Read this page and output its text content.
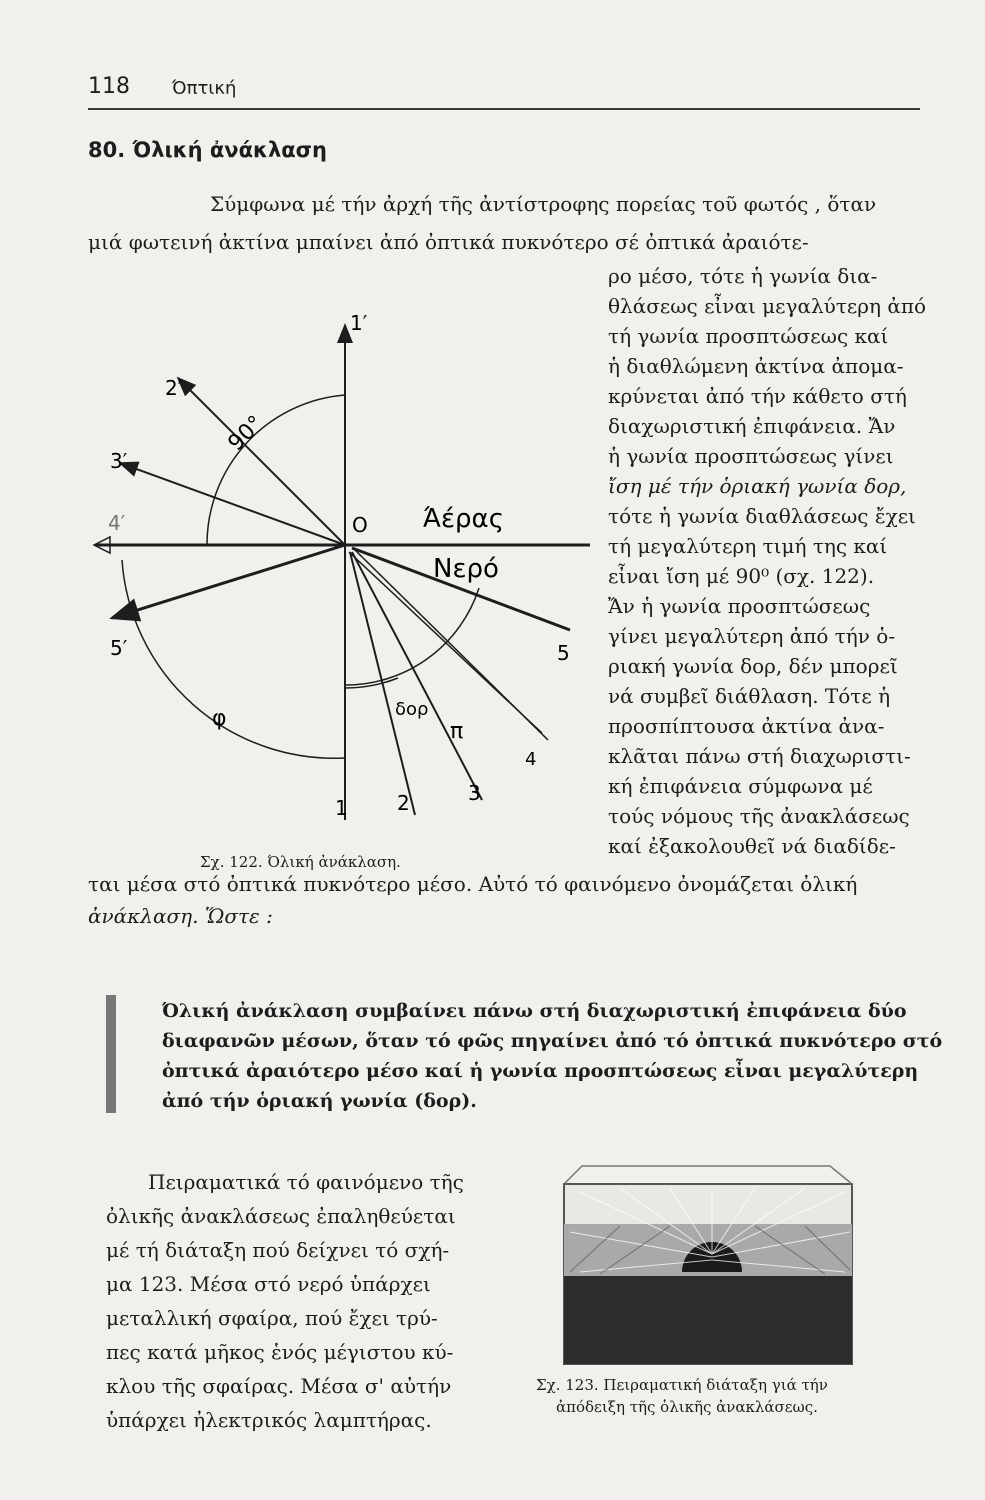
118 Όπτική
80. Όλική ἀνάκλαση
Σύμφωνα μέ τήν ἀρχή τῆς ἀντίστροφης πορείας τοῦ φωτός , ὅταν
μιά φωτεινή ἀκτίνα μπαίνει ἀπό ὀπτικά πυκνότερο σέ ὀπτικά ἀραιότε-
ρο μέσο, τότε ἡ γωνία δια-
θλάσεως εἶναι μεγαλύτερη ἀπό
τή γωνία προσπτώσεως καί
ἡ διαθλώμενη ἀκτίνα ἀπομα-
κρύνεται ἀπό τήν κάθετο στή
διαχωριστική ἐπιφάνεια. Ἄν
ἡ γωνία προσπτώσεως γίνει
ἴση μέ τήν ὁριακή γωνία δορ,
τότε ἡ γωνία διαθλάσεως ἔχει
τή μεγαλύτερη τιμή της καί
εἶναι ἴση μέ 90⁰ (σχ. 122).
Ἄν ἡ γωνία προσπτώσεως
γίνει μεγαλύτερη ἀπό τήν ὁ-
ριακή γωνία δορ, δέν μπορεῖ
νά συμβεῖ διάθλαση. Τότε ἡ
προσπίπτουσα ἀκτίνα ἀνα-
κλᾶται πάνω στή διαχωριστι-
κή ἐπιφάνεια σύμφωνα μέ
τούς νόμους τῆς ἀνακλάσεως
καί ἐξακολουθεῖ νά διαδίδε-
ται μέσα στό ὀπτικά πυκνότερο μέσο. Αὐτό τό φαινόμενο ὀνομάζεται ὀλική
ἀνάκλαση. Ὥστε :
1′
2′
3′
4′
5′
90°
O Άέρας
Νερό
5
δορ
φ
π
4
1 2	3
Σχ. 122. Όλική ἀνάκλαση.
Όλική ἀνάκλαση συμβαίνει πάνω στή διαχωριστική ἐπιφάνεια δύο
διαφανῶν μέσων, ὅταν τό φῶς πηγαίνει ἀπό τό ὀπτικά πυκνότερο στό
ὀπτικά ἀραιότερο μέσο καί ἡ γωνία προσπτώσεως εἶναι μεγαλύτερη
ἀπό τήν ὁριακή γωνία (δορ).
Πειραματικά τό φαινόμενο τῆς
ὀλικῆς ἀνακλάσεως ἐπαληθεύεται
μέ τή διάταξη πού δείχνει τό σχή-
μα 123. Μέσα στό νερό ὑπάρχει
μεταλλική σφαίρα, πού ἔχει τρύ-
πες κατά μῆκος ἑνός μέγιστου κύ-
κλου τῆς σφαίρας. Μέσα σ' αὐτήν
ὑπάρχει ἠλεκτρικός λαμπτήρας.
Σχ. 123. Πειραματική διάταξη γιά τήν
ἀπόδειξη τῆς ὀλικῆς ἀνακλάσεως.
